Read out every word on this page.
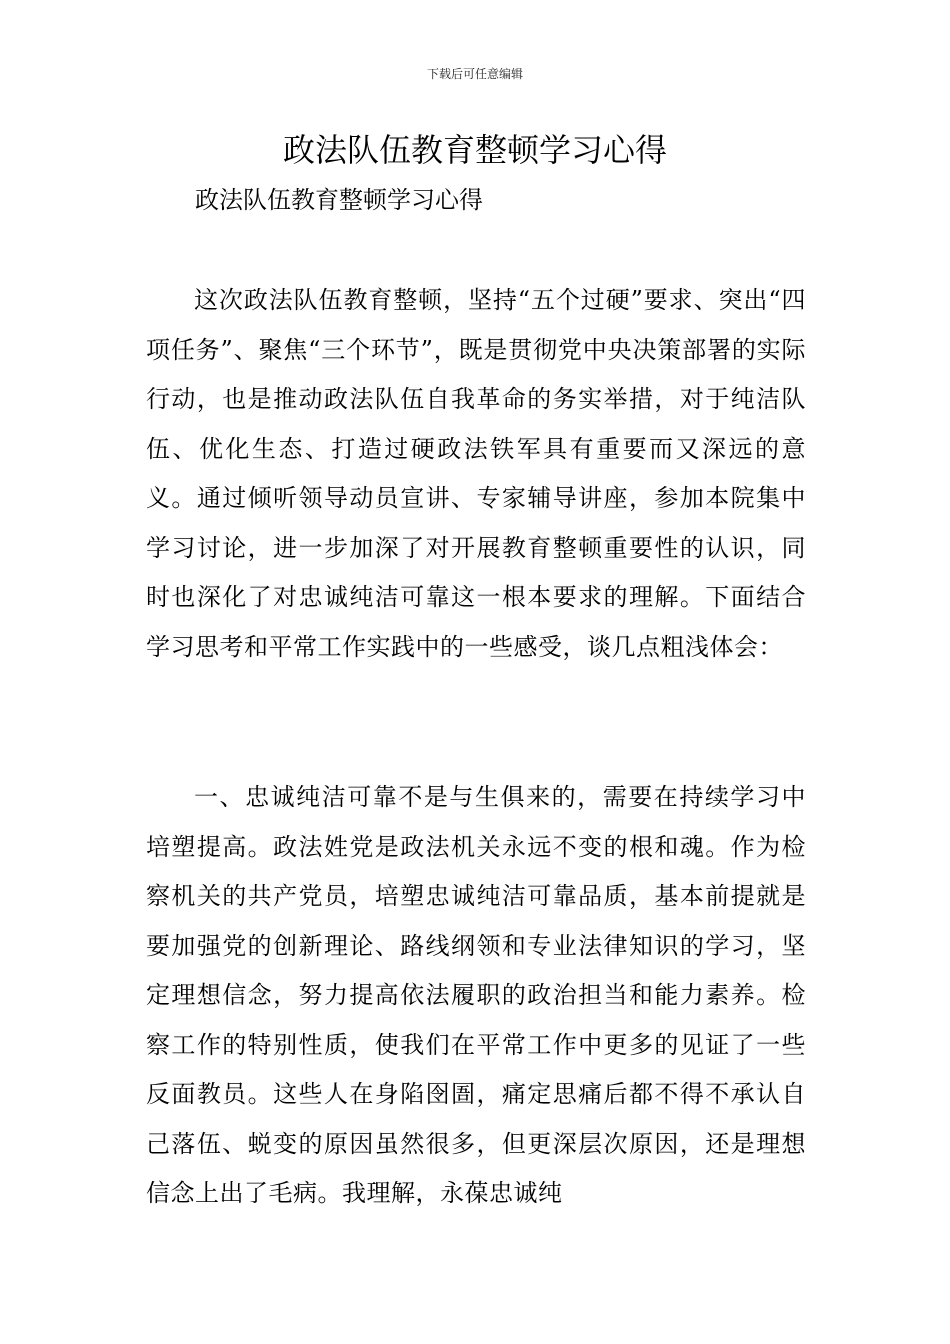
下载后可任意编辑
政法队伍教育整顿学习心得

政法队伍教育整顿学习心得

这次政法队伍教育整顿，坚持“五个过硬”要求、突出“四项任务”、聚焦“三个环节”，既是贯彻党中央决策部署的实际行动，也是推动政法队伍自我革命的务实举措，对于纯洁队伍、优化生态、打造过硬政法铁军具有重要而又深远的意义。通过倾听领导动员宣讲、专家辅导讲座，参加本院集中学习讨论，进一步加深了对开展教育整顿重要性的认识，同时也深化了对忠诚纯洁可靠这一根本要求的理解。下面结合学习思考和平常工作实践中的一些感受，谈几点粗浅体会：

一、忠诚纯洁可靠不是与生俱来的，需要在持续学习中培塑提高。政法姓党是政法机关永远不变的根和魂。作为检察机关的共产党员，培塑忠诚纯洁可靠品质，基本前提就是要加强党的创新理论、路线纲领和专业法律知识的学习，坚定理想信念，努力提高依法履职的政治担当和能力素养。检察工作的特别性质，使我们在平常工作中更多的见证了一些反面教员。这些人在身陷囹圄，痛定思痛后都不得不承认自己落伍、蜕变的原因虽然很多，但更深层次原因，还是理想信念上出了毛病。我理解，永葆忠诚纯
